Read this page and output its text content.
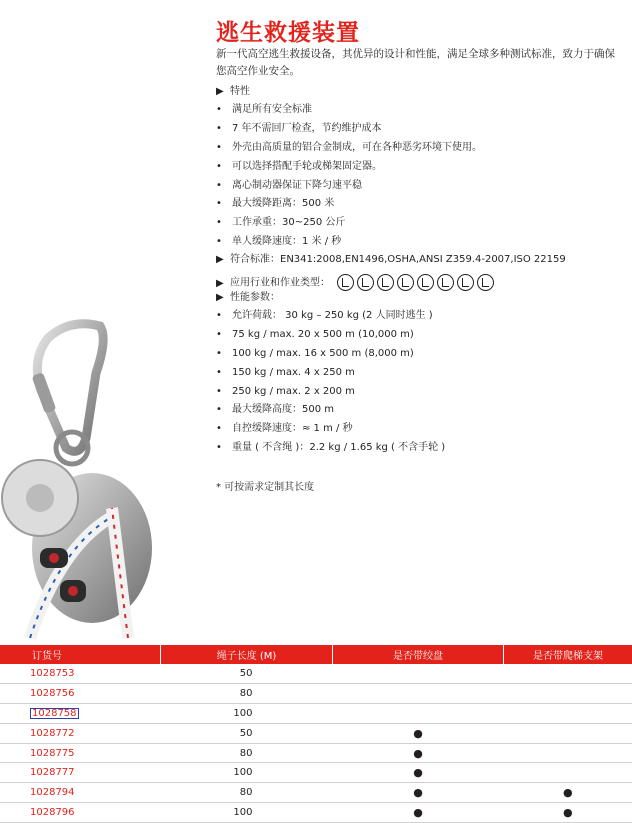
逃生救援装置
新一代高空逃生救援设备，其优异的设计和性能，满足全球多种测试标准，致力于确保您高空作业安全。
▶ 特性
• 满足所有安全标准
• 7 年不需回厂检查，节约维护成本
• 外壳由高质量的铝合金制成，可在各种恶劣环境下使用。
• 可以选择搭配手轮或梯架固定器。
• 离心制动器保证下降匀速平稳
• 最大缓降距离：500 米
• 工作承重：30~250 公斤
• 单人缓降速度：1 米 / 秒
▶ 符合标准：EN341:2008,EN1496,OSHA,ANSI Z359.4-2007,ISO 22159
▶ 应用行业和作业类型：
▶ 性能参数：
• 允许荷载： 30 kg – 250 kg (2 人同时逃生 )
• 75 kg / max. 20 x 500 m (10,000 m)
• 100 kg / max. 16 x 500 m (8,000 m)
• 150 kg / max. 4 x 250 m
• 250 kg / max. 2 x 200 m
• 最大缓降高度：500 m
• 自控缓降速度：≈ 1 m / 秒
• 重量 ( 不含绳 )：2.2 kg / 1.65 kg ( 不含手轮 )
* 可按需求定制其长度
订货号	绳子长度 (M)	是否带绞盘	是否带爬梯支架
1028753	50		
1028756	80		
1028758	100		
1028772	50	●	
1028775	80	●	
1028777	100	●	
1028794	80	●	●
1028796	100	●	●
